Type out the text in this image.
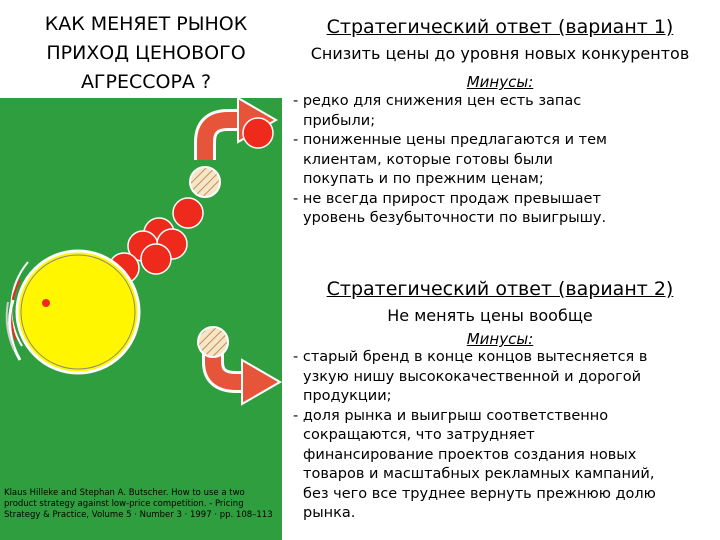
КАК МЕНЯЕТ РЫНОК ПРИХОД ЦЕНОВОГО АГРЕССОРА ?
Стратегический ответ (вариант 1)
Снизить цены до уровня новых конкурентов
Минусы:
- редко для снижения цен есть запас прибыли;
- пониженные цены предлагаются и тем клиентам, которые готовы были покупать и по прежним ценам;
- не всегда прирост продаж превышает уровень безубыточности по выигрышу.
Стратегический ответ (вариант 2)
Не менять цены вообще
Минусы:
- старый бренд в конце концов вытесняется в узкую нишу высококачественной и дорогой продукции;
- доля рынка и выигрыш соответственно сокращаются, что затрудняет финансирование проектов создания новых товаров и масштабных рекламных кампаний, без чего все труднее вернуть прежнюю долю рынка.
Klaus Hilleke and Stephan A. Butscher. How to use a two product strategy against low-price competition. - Pricing Strategy & Practice, Volume 5 · Number 3 · 1997 · pp. 108–113
